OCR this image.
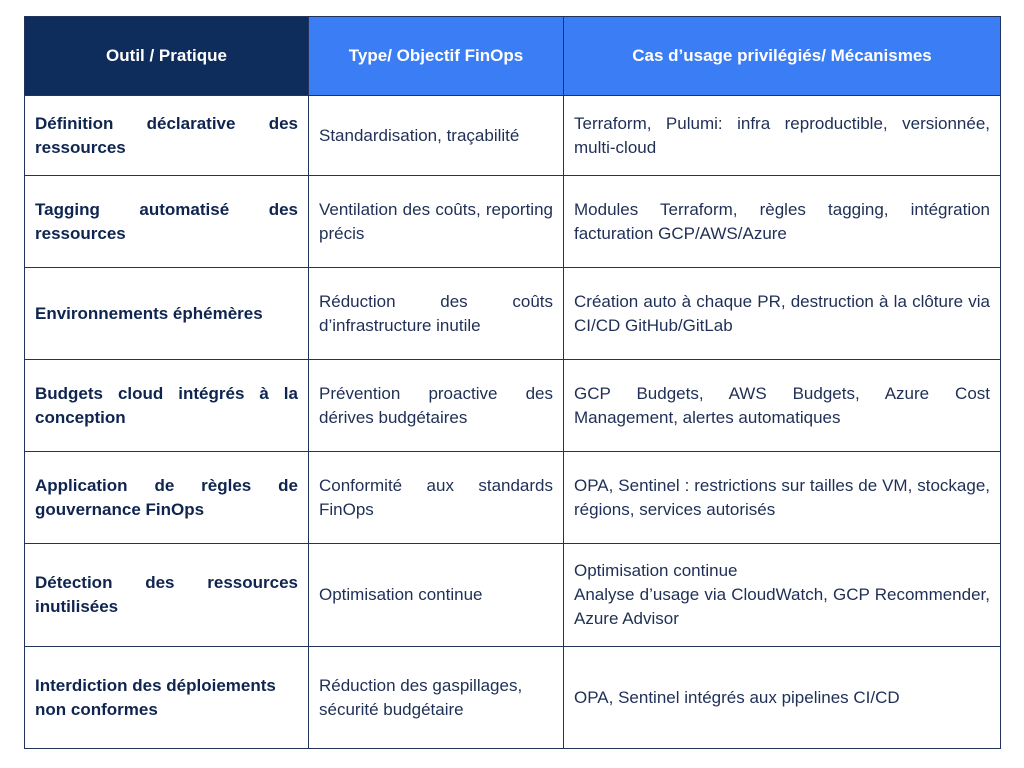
Outil / Pratique	Type/ Objectif FinOps	Cas d’usage privilégiés/ Mécanismes
Définition déclarative des ressources	Standardisation, traçabilité	Terraform, Pulumi: infra reproductible, versionnée, multi-cloud
Tagging automatisé des ressources	Ventilation des coûts, reporting précis	Modules Terraform, règles tagging, intégration facturation GCP/AWS/Azure
Environnements éphémères	Réduction des coûts d’infrastructure inutile	Création auto à chaque PR, destruction à la clôture via CI/CD GitHub/GitLab
Budgets cloud intégrés à la conception	Prévention proactive des dérives budgétaires	GCP Budgets, AWS Budgets, Azure Cost Management, alertes automatiques
Application de règles de gouvernance FinOps	Conformité aux standards FinOps	OPA, Sentinel : restrictions sur tailles de VM, stockage, régions, services autorisés
Détection des ressources inutilisées	Optimisation continue	Optimisation continue
Analyse d’usage via CloudWatch, GCP Recommender, Azure Advisor

Interdiction des déploiements non conformes	Réduction des gaspillages, sécurité budgétaire	OPA, Sentinel intégrés aux pipelines CI/CD
